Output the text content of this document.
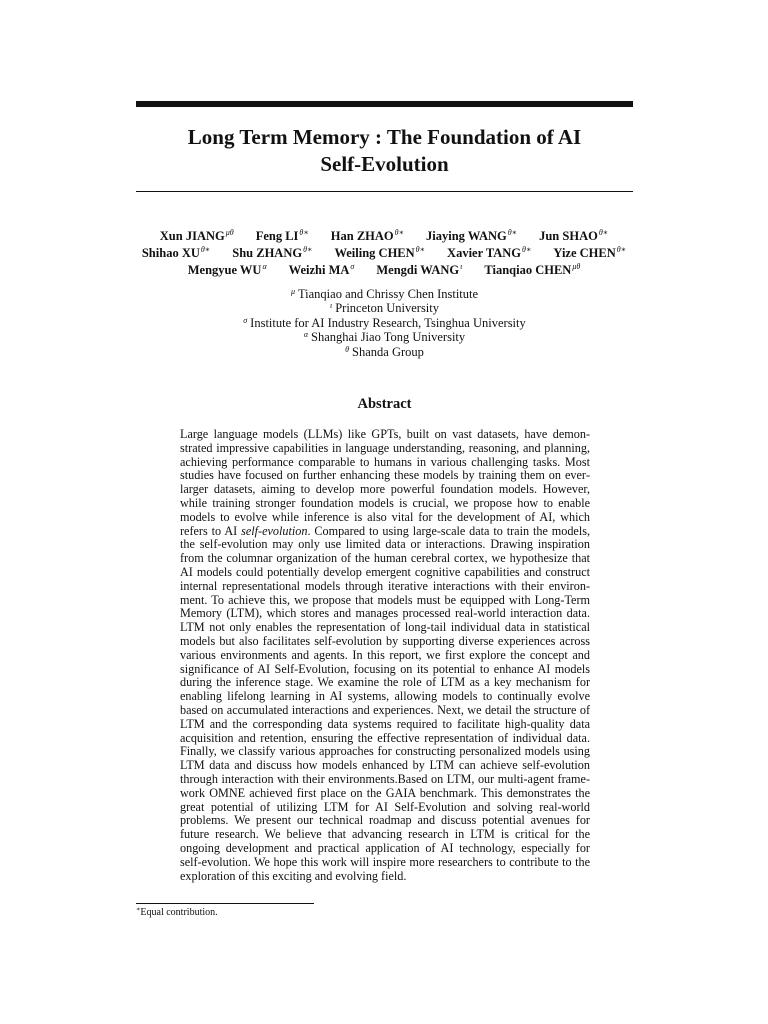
Long Term Memory : The Foundation of AI
Self-Evolution
Xun $JIANG^{\mu\theta}$ Feng $LI^{\theta∗}$ Han $ZHAO^{\theta∗}$ Jiaying $WANG^{\theta∗}$ Jun $SHAO^{\theta∗}$
Shihao $XU^{\theta∗}$ Shu $ZHANG^{\theta∗}$ Weiling $CHEN^{\theta∗}$ Xavier $TANG^{\theta∗}$ Yize $CHEN^{\theta∗}$
Mengyue $WU^\alpha$ Weizhi $MA^\sigma$ Mengdi $WANG^\iota$ Tianqiao $CHEN^{\mu\theta}$
$^\mu$ Tianqiao and Chrissy Chen Institute
$^\iota$ Princeton University
$^\sigma$ Institute for AI Industry Research, Tsinghua University
$^\alpha$ Shanghai Jiao Tong University
$^\theta$ Shanda Group
Abstract

Large language models (LLMs) like GPTs, built on vast datasets, have demonstrated impressive capabilities in language understanding, reasoning, and planning, achieving performance comparable to humans in various challenging tasks. Most studies have focused on further enhancing these models by training them on everlarger datasets, aiming to develop more powerful foundation models. However, while training stronger foundation models is crucial, we propose how to enable models to evolve while inference is also vital for the development of AI, which refers to AI self-evolution. Compared to using large-scale data to train the models, the self-evolution may only use limited data or interactions. Drawing inspiration from the columnar organization of the human cerebral cortex, we hypothesize that AI models could potentially develop emergent cognitive capabilities and construct internal representational models through iterative interactions with their environment. To achieve this, we propose that models must be equipped with Long-Term Memory (LTM), which stores and manages processed real-world interaction data. LTM not only enables the representation of long-tail individual data in statistical models but also facilitates self-evolution by supporting diverse experiences across various environments and agents. In this report, we first explore the concept and significance of AI Self-Evolution, focusing on its potential to enhance AI models during the inference stage. We examine the role of LTM as a key mechanism for enabling lifelong learning in AI systems, allowing models to continually evolve based on accumulated interactions and experiences. Next, we detail the structure of LTM and the corresponding data systems required to facilitate high-quality data acquisition and retention, ensuring the effective representation of individual data. Finally, we classify various approaches for constructing personalized models using LTM data and discuss how models enhanced by LTM can achieve self-evolution through interaction with their environments.Based on LTM, our multi-agent framework OMNE achieved first place on the GAIA benchmark. This demonstrates the great potential of utilizing LTM for AI Self-Evolution and solving real-world problems. We present our technical roadmap and discuss potential avenues for future research. We believe that advancing research in LTM is critical for the ongoing development and practical application of AI technology, especially for self-evolution. We hope this work will inspire more researchers to contribute to the exploration of this exciting and evolving field.

∗Equal contribution.
